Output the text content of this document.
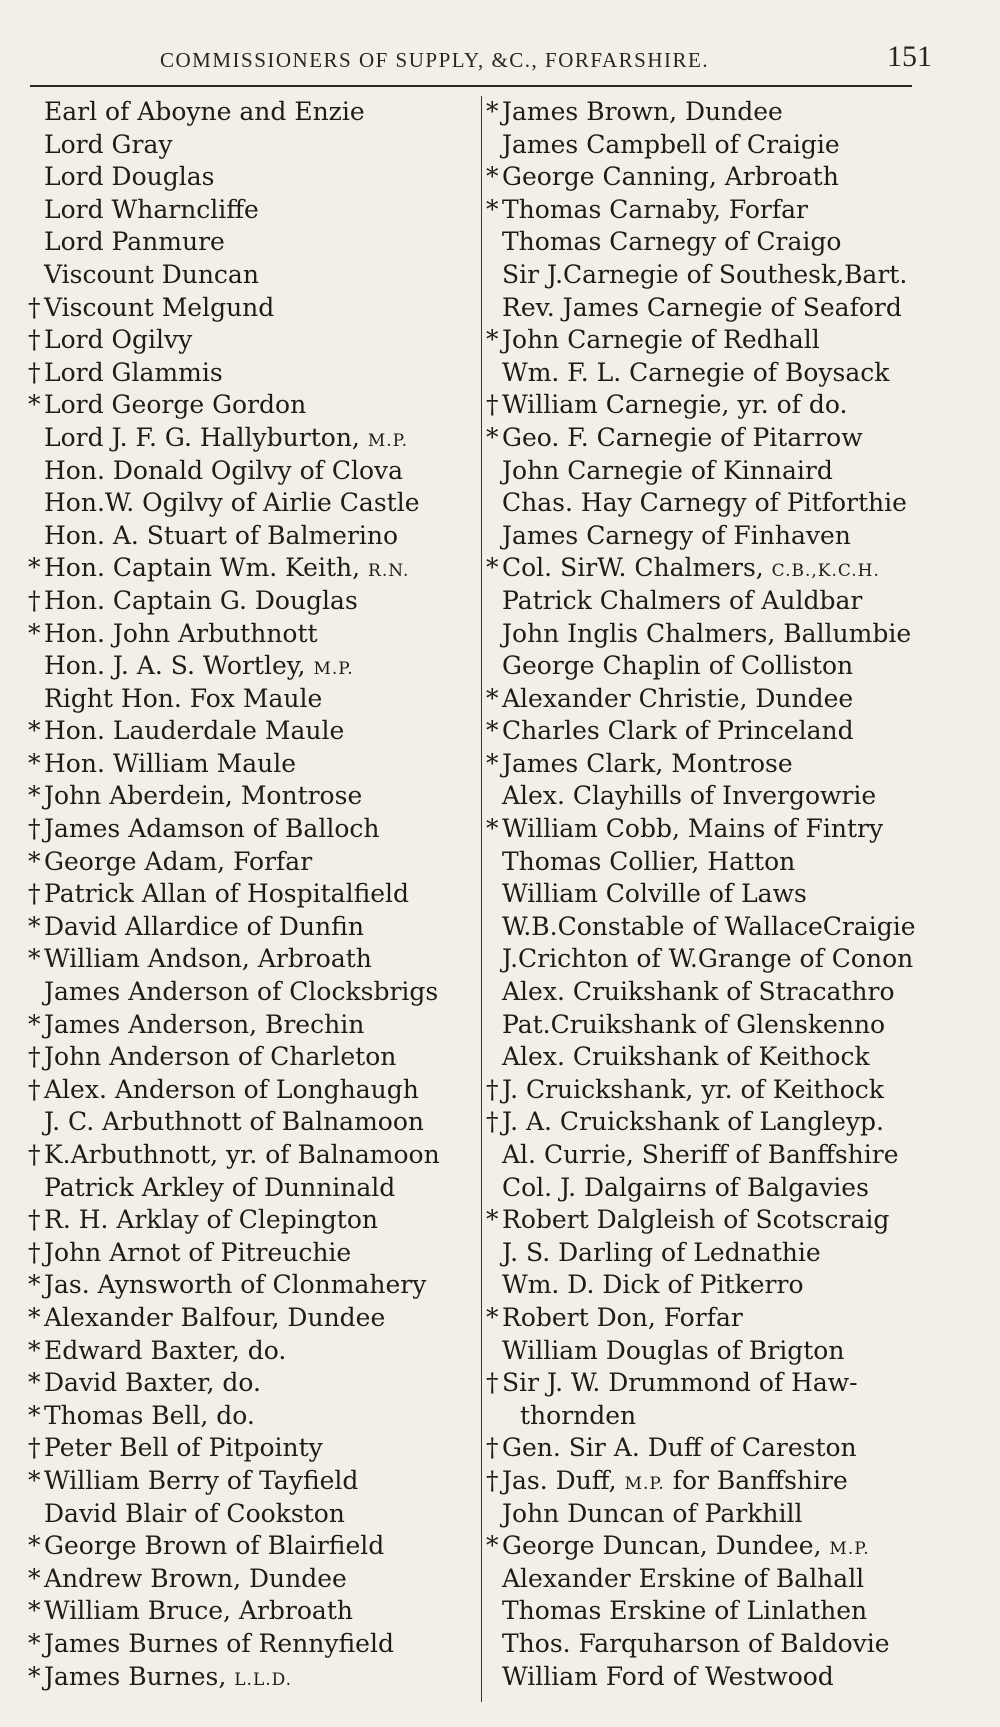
COMMISSIONERS OF SUPPLY, &C., FORFARSHIRE.	151
Earl of Aboyne and Enzie
Lord Gray
Lord Douglas
Lord Wharncliffe
Lord Panmure
Viscount Duncan
† Viscount Melgund
† Lord Ogilvy
† Lord Glammis
* Lord George Gordon
Lord J. F. G. Hallyburton, M.P.
Hon. Donald Ogilvy of Clova
Hon.W. Ogilvy of Airlie Castle
Hon. A. Stuart of Balmerino
* Hon. Captain Wm. Keith, R.N.
† Hon. Captain G. Douglas
* Hon. John Arbuthnott
Hon. J. A. S. Wortley, M.P.
Right Hon. Fox Maule
* Hon. Lauderdale Maule
* Hon. William Maule
* John Aberdein, Montrose
† James Adamson of Balloch
* George Adam, Forfar
† Patrick Allan of Hospitalfield
* David Allardice of Dunfin
* William Andson, Arbroath
James Anderson of Clocksbrigs
* James Anderson, Brechin
† John Anderson of Charleton
† Alex. Anderson of Longhaugh
J. C. Arbuthnott of Balnamoon
† K.Arbuthnott, yr. of Balnamoon
Patrick Arkley of Dunninald
† R. H. Arklay of Clepington
† John Arnot of Pitreuchie
* Jas. Aynsworth of Clonmahery
* Alexander Balfour, Dundee
* Edward Baxter, do.
* David Baxter, do.
* Thomas Bell, do.
† Peter Bell of Pitpointy
* William Berry of Tayfield
David Blair of Cookston
* George Brown of Blairfield
* Andrew Brown, Dundee
* William Bruce, Arbroath
* James Burnes of Rennyfield
* James Burnes, L.L.D.
* James Brown, Dundee
James Campbell of Craigie
* George Canning, Arbroath
* Thomas Carnaby, Forfar
Thomas Carnegy of Craigo
Sir J.Carnegie of Southesk,Bart.
Rev. James Carnegie of Seaford
* John Carnegie of Redhall
Wm. F. L. Carnegie of Boysack
† William Carnegie, yr. of do.
* Geo. F. Carnegie of Pitarrow
John Carnegie of Kinnaird
Chas. Hay Carnegy of Pitforthie
James Carnegy of Finhaven
* Col. SirW. Chalmers, C.B.,K.C.H.
Patrick Chalmers of Auldbar
John Inglis Chalmers, Ballumbie
George Chaplin of Colliston
* Alexander Christie, Dundee
* Charles Clark of Princeland
* James Clark, Montrose
Alex. Clayhills of Invergowrie
* William Cobb, Mains of Fintry
Thomas Collier, Hatton
William Colville of Laws
W.B.Constable of WallaceCraigie
J.Crichton of W.Grange of Conon
Alex. Cruikshank of Stracathro
Pat.Cruikshank of Glenskenno
Alex. Cruikshank of Keithock
† J. Cruickshank, yr. of Keithock
† J. A. Cruickshank of Langleyp.
Al. Currie, Sheriff of Banffshire
Col. J. Dalgairns of Balgavies
* Robert Dalgleish of Scotscraig
J. S. Darling of Lednathie
Wm. D. Dick of Pitkerro
* Robert Don, Forfar
William Douglas of Brigton
† Sir J. W. Drummond of Haw-
thornden
† Gen. Sir A. Duff of Careston
† Jas. Duff, M.P. for Banffshire
John Duncan of Parkhill
* George Duncan, Dundee, M.P.
Alexander Erskine of Balhall
Thomas Erskine of Linlathen
Thos. Farquharson of Baldovie
William Ford of Westwood
